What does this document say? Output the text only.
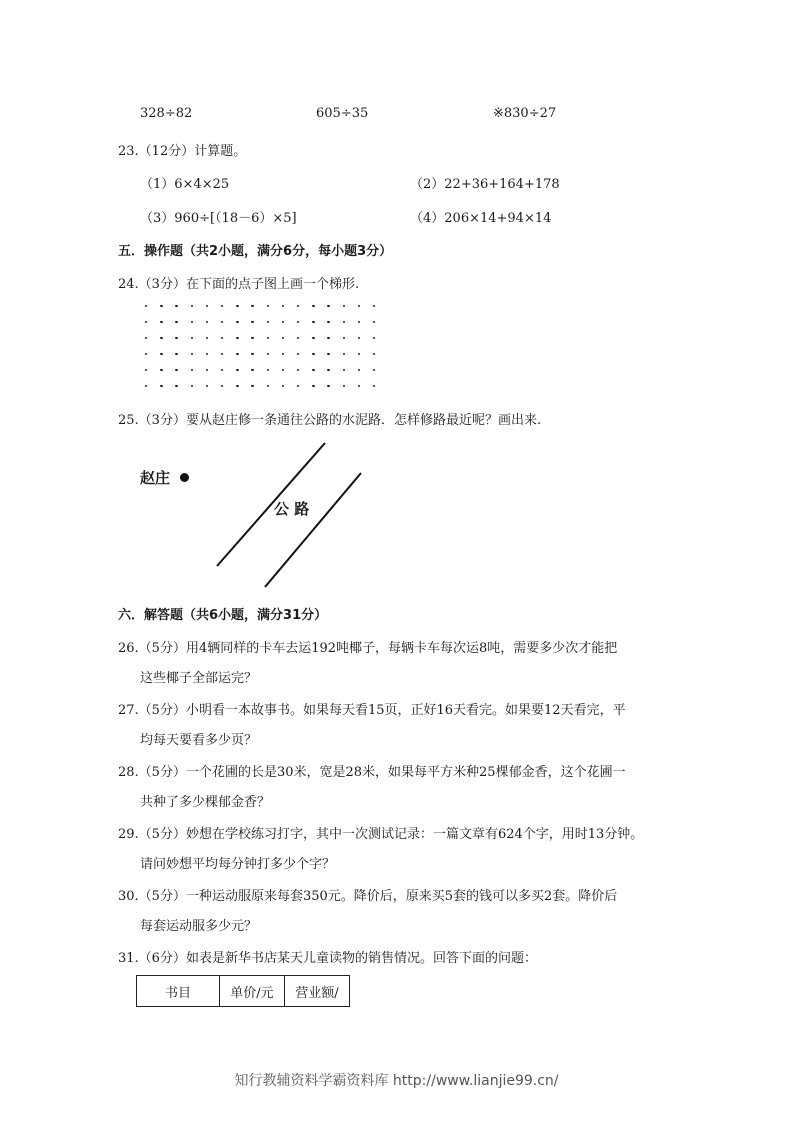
328÷82	605÷35	※830÷27
23.（12分）计算题。
（1）6×4×25	（2）22+36+164+178
（3）960÷[（18－6）×5]	（4）206×14+94×14
五．操作题（共2小题，满分6分，每小题3分）
24.（3分）在下面的点子图上画一个梯形.
25.（3分）要从赵庄修一条通往公路的水泥路．怎样修路最近呢？画出来.
赵庄
公 路
六．解答题（共6小题，满分31分）
26.（5分）用4辆同样的卡车去运192吨椰子，每辆卡车每次运8吨，需要多少次才能把
这些椰子全部运完？
27.（5分）小明看一本故事书。如果每天看15页，正好16天看完。如果要12天看完，平
均每天要看多少页？
28.（5分）一个花圃的长是30米，宽是28米，如果每平方米种25棵郁金香，这个花圃一
共种了多少棵郁金香？
29.（5分）妙想在学校练习打字，其中一次测试记录：一篇文章有624个字，用时13分钟。
请问妙想平均每分钟打多少个字？
30.（5分）一种运动服原来每套350元。降价后，原来买5套的钱可以多买2套。降价后
每套运动服多少元？
31.（6分）如表是新华书店某天儿童读物的销售情况。回答下面的问题：
书目	单价/元	营业额/
知行教辅资料学霸资料库 http://www.lianjie99.cn/
